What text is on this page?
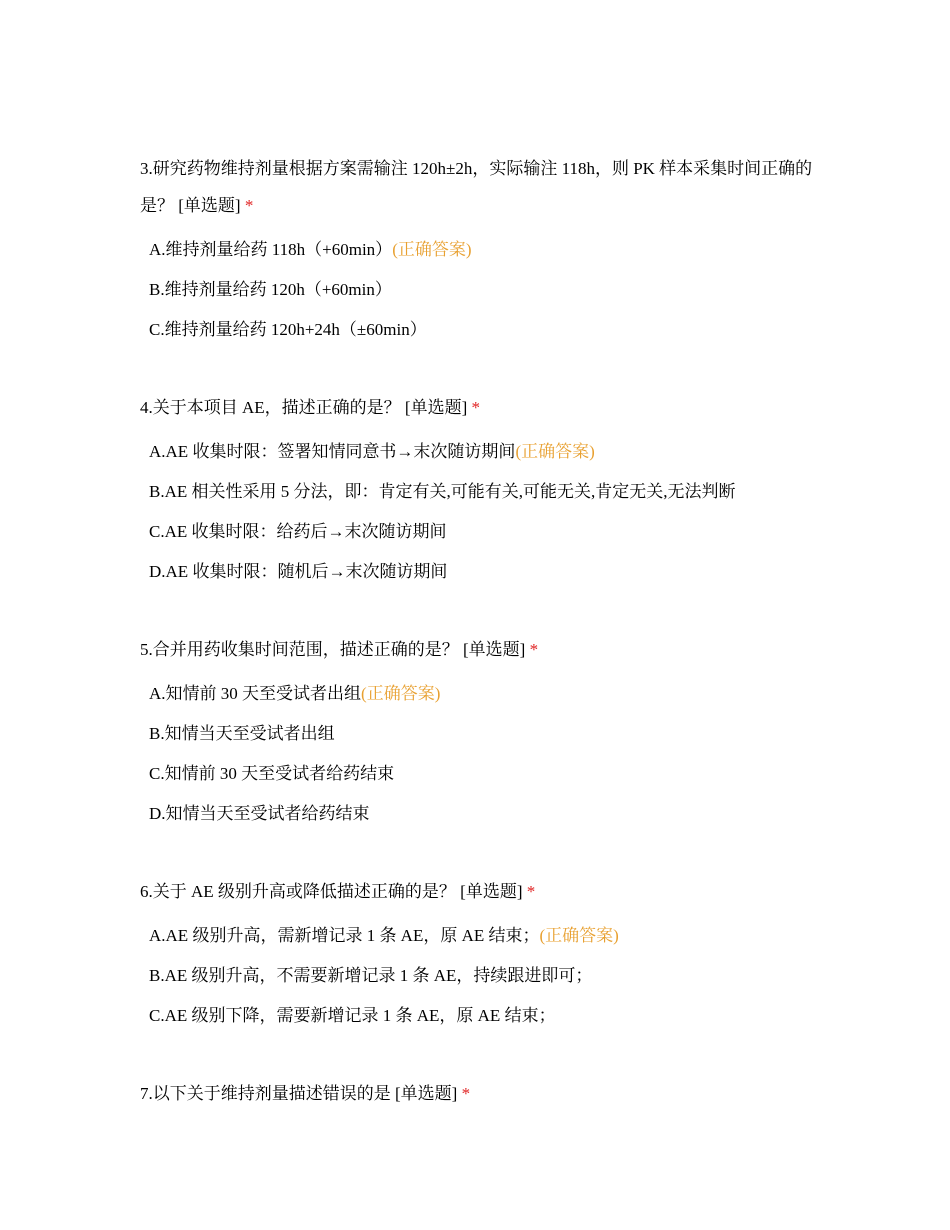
3.研究药物维持剂量根据方案需输注 120h±2h，实际输注 118h，则 PK 样本采集时间正确的是？ [单选题] *

A.维持剂量给药 118h（+60min）(正确答案)
B.维持剂量给药 120h（+60min）
C.维持剂量给药 120h+24h（±60min）

4.关于本项目 AE，描述正确的是？ [单选题] *

A.AE 收集时限：签署知情同意书→末次随访期间(正确答案)
B.AE 相关性采用 5 分法，即：肯定有关,可能有关,可能无关,肯定无关,无法判断
C.AE 收集时限：给药后→末次随访期间
D.AE 收集时限：随机后→末次随访期间

5.合并用药收集时间范围，描述正确的是？ [单选题] *

A.知情前 30 天至受试者出组(正确答案)
B.知情当天至受试者出组
C.知情前 30 天至受试者给药结束
D.知情当天至受试者给药结束

6.关于 AE 级别升高或降低描述正确的是？ [单选题] *

A.AE 级别升高，需新增记录 1 条 AE，原 AE 结束；(正确答案)
B.AE 级别升高，不需要新增记录 1 条 AE，持续跟进即可；
C.AE 级别下降，需要新增记录 1 条 AE，原 AE 结束；

7.以下关于维持剂量描述错误的是 [单选题] *
